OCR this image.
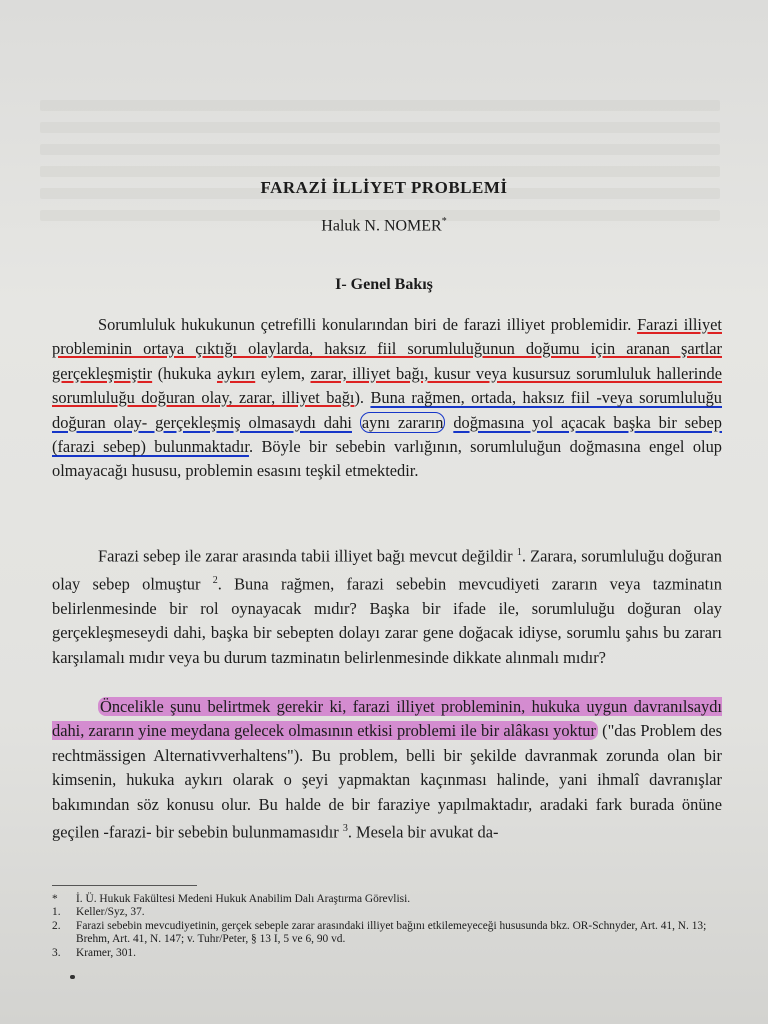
FARAZİ İLLİYET PROBLEMİ
Haluk N. NOMER*
I- Genel Bakış

Sorumluluk hukukunun çetrefilli konularından biri de farazi illiyet problemidir. Farazi illiyet probleminin ortaya çıktığı olaylarda, haksız fiil sorumluluğunun doğumu için aranan şartlar gerçekleşmiştir (hukuka aykırı eylem, zarar, illiyet bağı, kusur veya kusursuz sorumluluk hallerinde sorumluluğu doğuran olay, zarar, illiyet bağı). Buna rağmen, ortada, haksız fiil -veya sorumluluğu doğuran olay- gerçekleşmiş olmasaydı dahi aynı zararın doğmasına yol açacak başka bir sebep (farazi sebep) bulunmaktadır. Böyle bir sebebin varlığının, sorumluluğun doğmasına engel olup olmayacağı hususu, problemin esasını teşkil etmektedir.

Farazi sebep ile zarar arasında tabii illiyet bağı mevcut değildir $^1$. Zarara, sorumluluğu doğuran olay sebep olmuştur $^2$. Buna rağmen, farazi sebebin mevcudiyeti zararın veya tazminatın belirlenmesinde bir rol oynayacak mıdır? Başka bir ifade ile, sorumluluğu doğuran olay gerçekleşmeseydi dahi, başka bir sebepten dolayı zarar gene doğacak idiyse, sorumlu şahıs bu zararı karşılamalı mıdır veya bu durum tazminatın belirlenmesinde dikkate alınmalı mıdır?

Öncelikle şunu belirtmek gerekir ki, farazi illiyet probleminin, hukuka uygun davranılsaydı dahi, zararın yine meydana gelecek olmasının etkisi problemi ile bir alâkası yoktur ("das Problem des rechtmässigen Alternativverhaltens"). Bu problem, belli bir şekilde davranmak zorunda olan bir kimsenin, hukuka aykırı olarak o şeyi yapmaktan kaçınması halinde, yani ihmalî davranışlar bakımından söz konusu olur. Bu halde de bir faraziye yapılmaktadır, aradaki fark burada önüne geçilen -farazi- bir sebebin bulunmamasıdır $^3$. Mesela bir avukat da-

*	İ. Ü. Hukuk Fakültesi Medeni Hukuk Anabilim Dalı Araştırma Görevlisi.
1.	Keller/Syz, 37.
2.	Farazi sebebin mevcudiyetinin, gerçek sebeple zarar arasındaki illiyet bağını etkilemeyeceği hususunda bkz. OR-Schnyder, Art. 41, N. 13; Brehm, Art. 41, N. 147; v. Tuhr/Peter, § 13 I, 5 ve 6, 90 vd.
3.	Kramer, 301.
